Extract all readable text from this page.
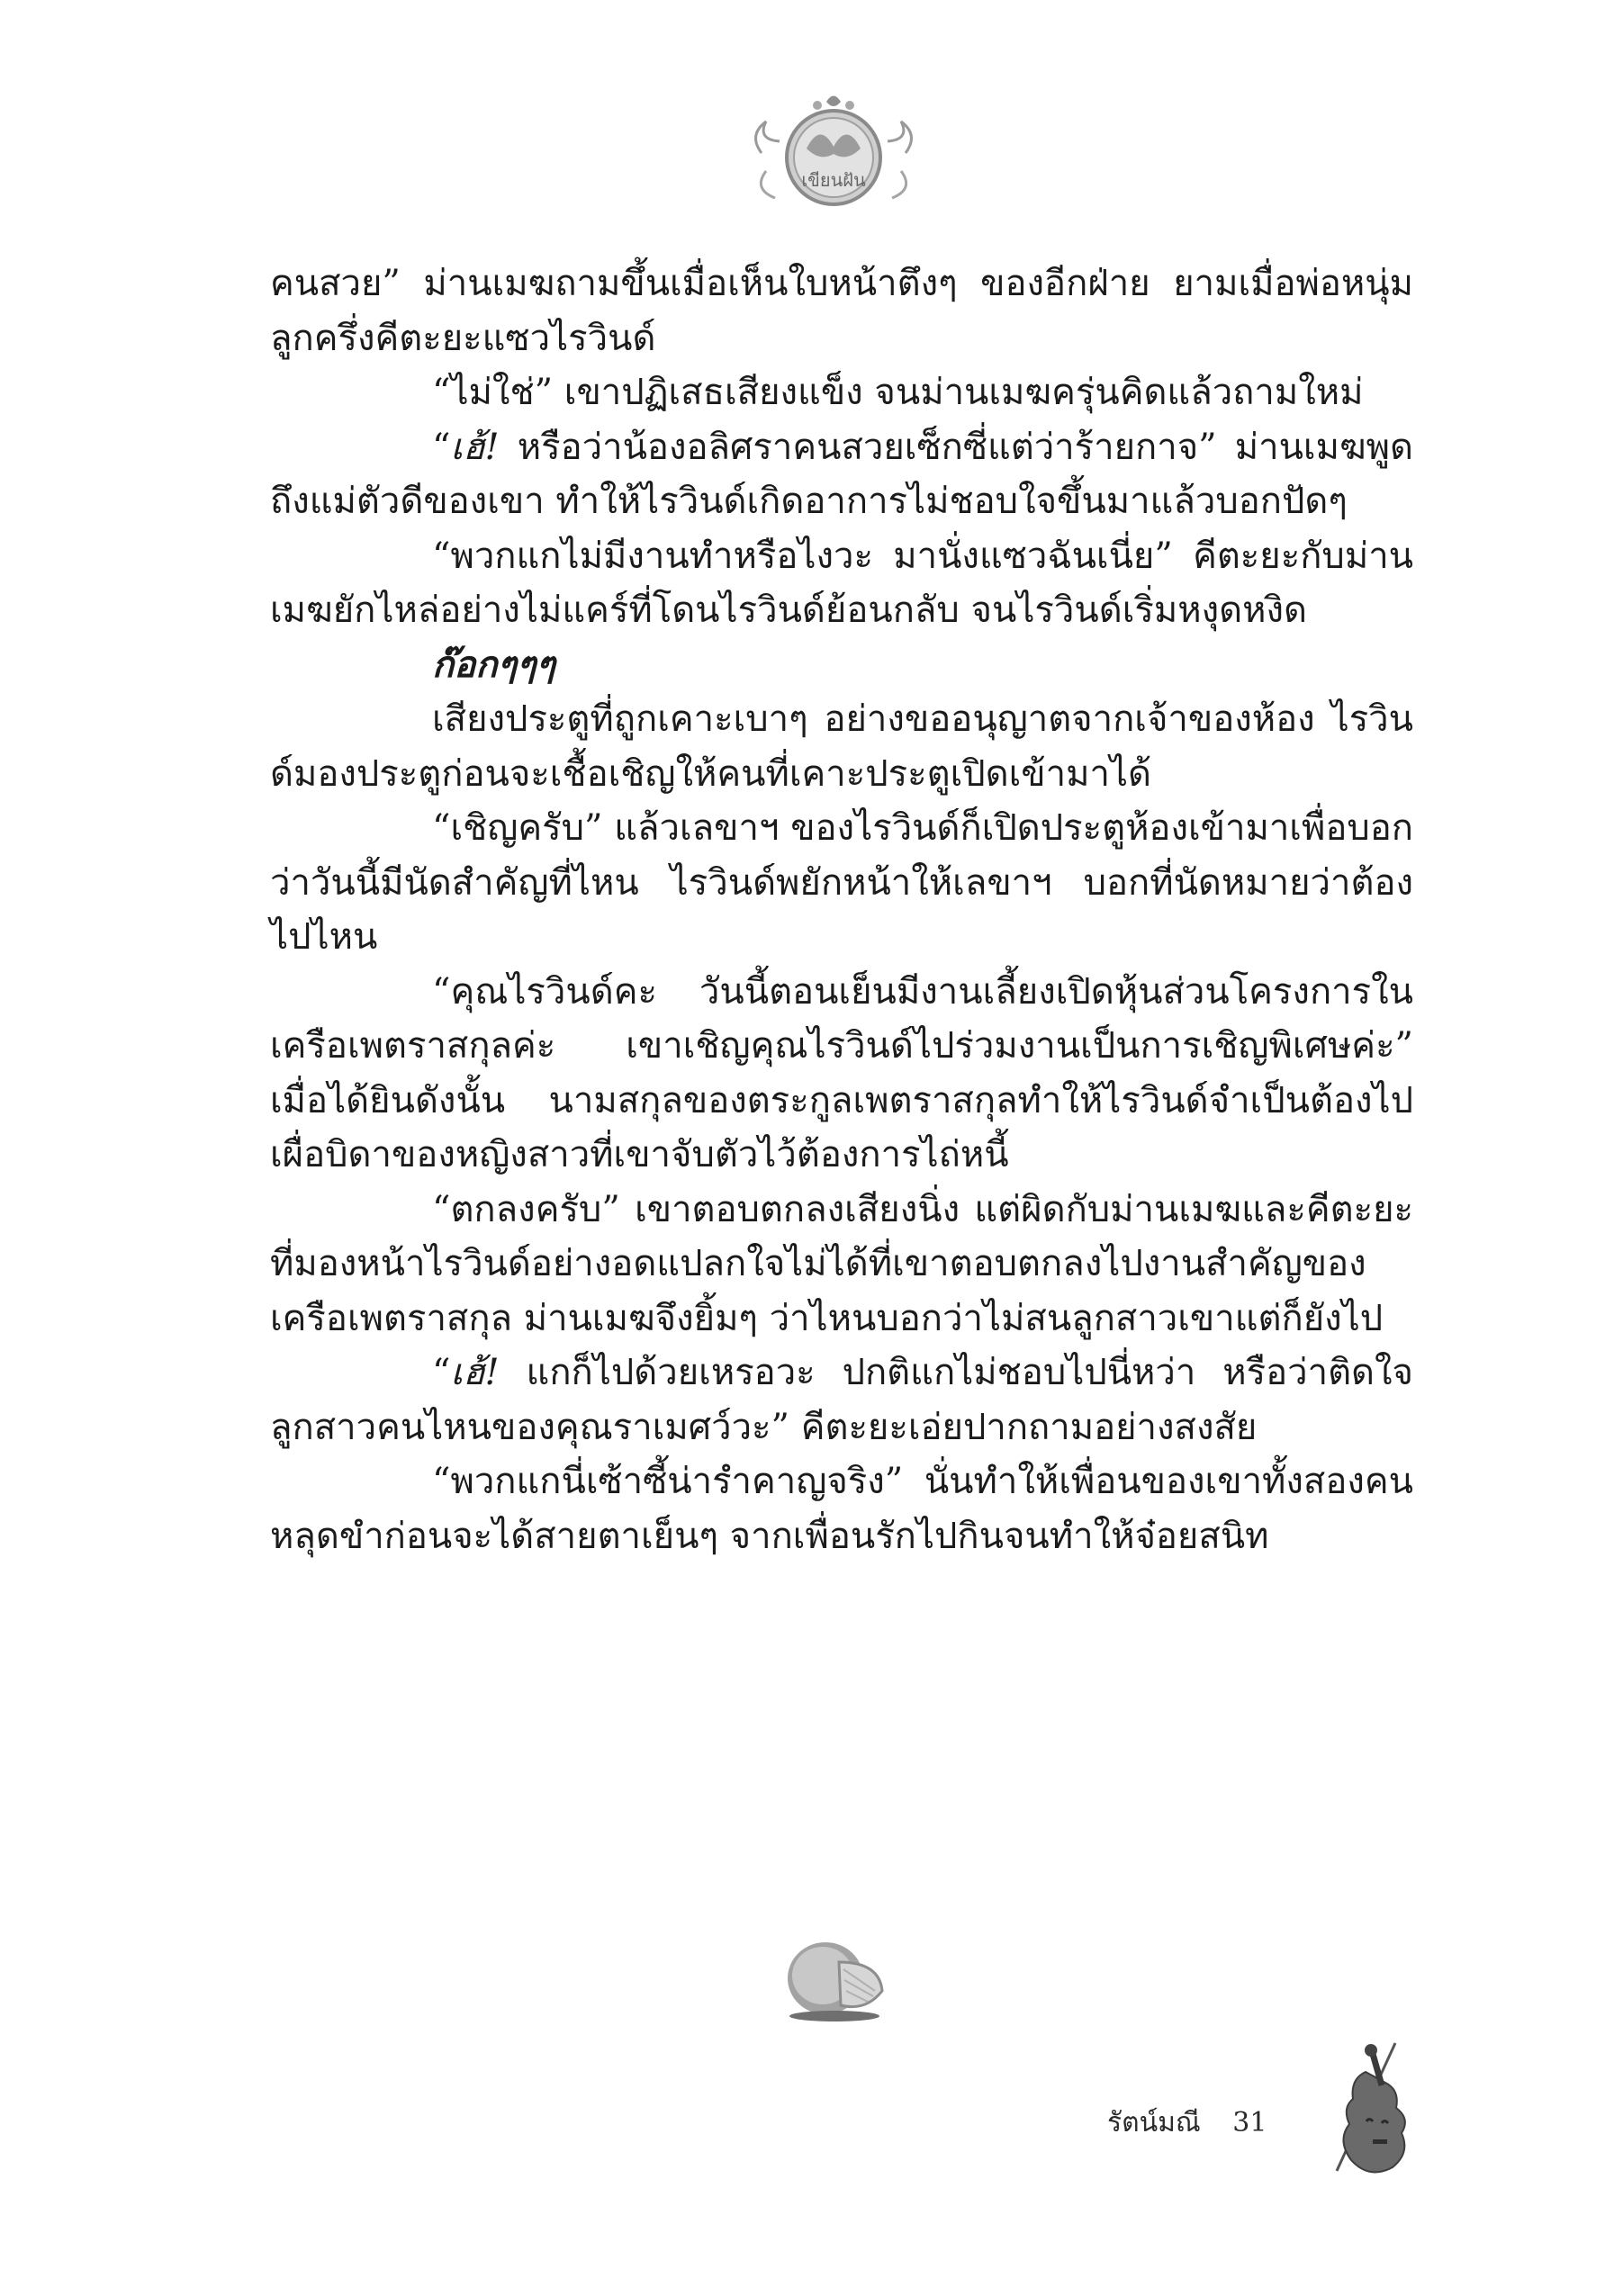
เขียนฝัน

คนสวย” ม่านเมฆถามขึ้นเมื่อเห็นใบหน้าตึงๆ ของอีกฝ่าย ยามเมื่อพ่อหนุ่มลูกครึ่งคีตะยะแซวไรวินด์

“ไม่ใช่” เขาปฏิเสธเสียงแข็ง จนม่านเมฆครุ่นคิดแล้วถามใหม่

“เฮ้! หรือว่าน้องอลิศราคนสวยเซ็กซี่แต่ว่าร้ายกาจ” ม่านเมฆพูดถึงแม่ตัวดีของเขา ทำให้ไรวินด์เกิดอาการไม่ชอบใจขึ้นมาแล้วบอกปัดๆ

“พวกแกไม่มีงานทำหรือไงวะ มานั่งแซวฉันเนี่ย” คีตะยะกับม่านเมฆยักไหล่อย่างไม่แคร์ที่โดนไรวินด์ย้อนกลับ จนไรวินด์เริ่มหงุดหงิด

ก๊อกๆๆๆ

เสียงประตูที่ถูกเคาะเบาๆ อย่างขออนุญาตจากเจ้าของห้อง ไรวินด์มองประตูก่อนจะเชื้อเชิญให้คนที่เคาะประตูเปิดเข้ามาได้

“เชิญครับ” แล้วเลขาฯ ของไรวินด์ก็เปิดประตูห้องเข้ามาเพื่อบอกว่าวันนี้มีนัดสำคัญที่ไหน ไรวินด์พยักหน้าให้เลขาฯ บอกที่นัดหมายว่าต้องไปไหน

“คุณไรวินด์คะ วันนี้ตอนเย็นมีงานเลี้ยงเปิดหุ้นส่วนโครงการในเครือเพตราสกุลค่ะ เขาเชิญคุณไรวินด์ไปร่วมงานเป็นการเชิญพิเศษค่ะ” เมื่อได้ยินดังนั้น นามสกุลของตระกูลเพตราสกุลทำให้ไรวินด์จำเป็นต้องไปเผื่อบิดาของหญิงสาวที่เขาจับตัวไว้ต้องการไถ่หนี้

“ตกลงครับ” เขาตอบตกลงเสียงนิ่ง แต่ผิดกับม่านเมฆและคีตะยะที่มองหน้าไรวินด์อย่างอดแปลกใจไม่ได้ที่เขาตอบตกลงไปงานสำคัญของเครือเพตราสกุล ม่านเมฆจึงยิ้มๆ ว่าไหนบอกว่าไม่สนลูกสาวเขาแต่ก็ยังไป

“เฮ้! แกก็ไปด้วยเหรอวะ ปกติแกไม่ชอบไปนี่หว่า หรือว่าติดใจลูกสาวคนไหนของคุณราเมศว์วะ” คีตะยะเอ่ยปากถามอย่างสงสัย

“พวกแกนี่เซ้าซี้น่ารำคาญจริง” นั่นทำให้เพื่อนของเขาทั้งสองคนหลุดขำก่อนจะได้สายตาเย็นๆ จากเพื่อนรักไปกินจนทำให้จ๋อยสนิท

รัตน์มณี 31
